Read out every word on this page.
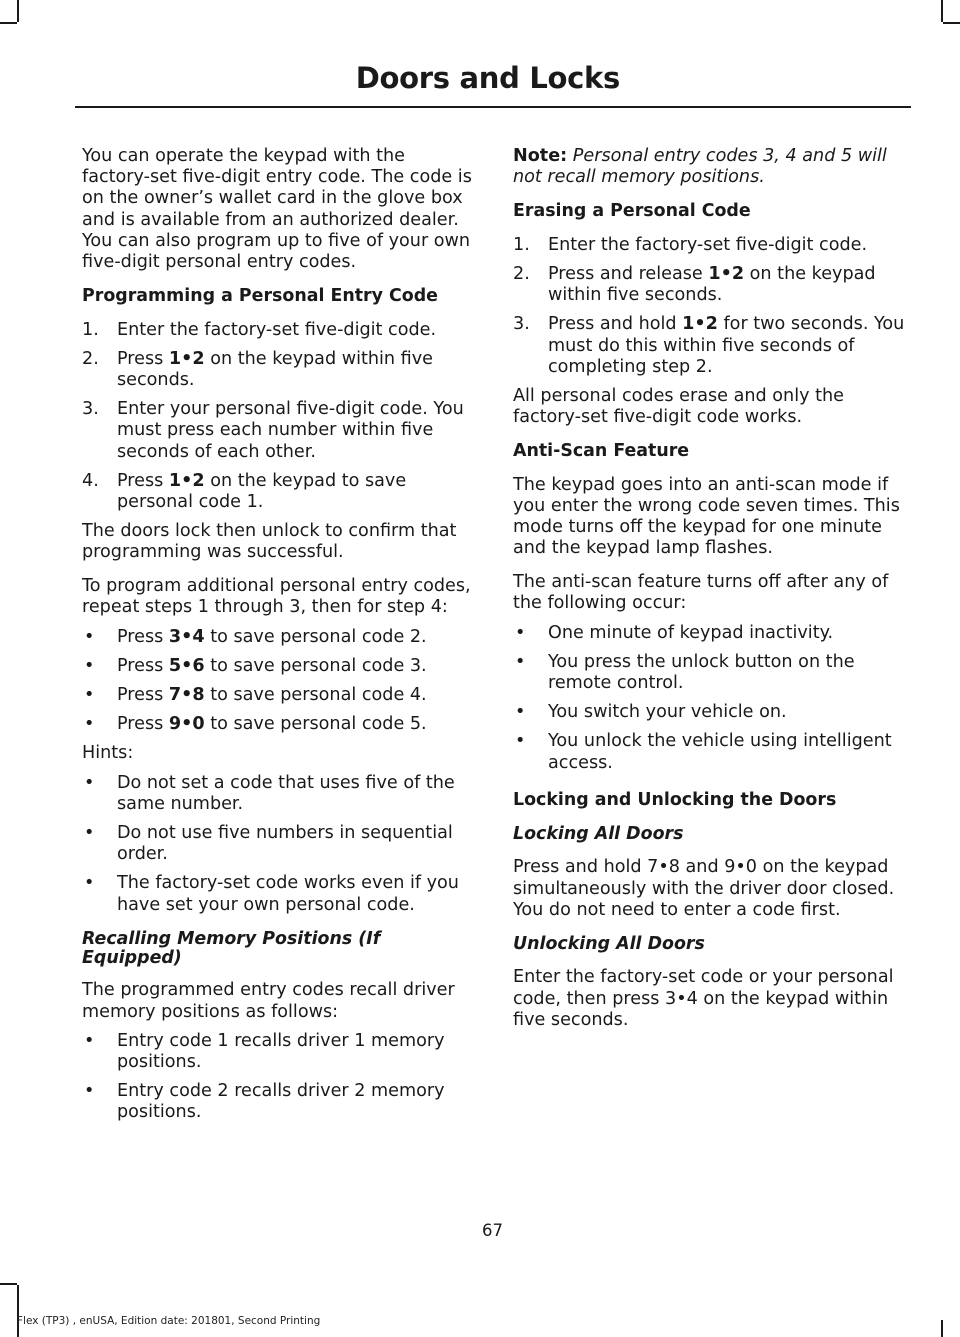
Doors and Locks

You can operate the keypad with the factory-set five-digit entry code. The code is on the owner’s wallet card in the glove box and is available from an authorized dealer. You can also program up to five of your own five-digit personal entry codes.

Programming a Personal Entry Code
1. Enter the factory-set five-digit code.
2. Press 1•2 on the keypad within five seconds.
3. Enter your personal five-digit code. You must press each number within five seconds of each other.
4. Press 1•2 on the keypad to save personal code 1.

The doors lock then unlock to confirm that programming was successful.

To program additional personal entry codes, repeat steps 1 through 3, then for step 4:

• Press 3•4 to save personal code 2.
• Press 5•6 to save personal code 3.
• Press 7•8 to save personal code 4.
• Press 9•0 to save personal code 5.

Hints:

• Do not set a code that uses five of the same number.
• Do not use five numbers in sequential order.
• The factory-set code works even if you have set your own personal code.
Recalling Memory Positions (If Equipped)

The programmed entry codes recall driver memory positions as follows:

• Entry code 1 recalls driver 1 memory positions.
• Entry code 2 recalls driver 2 memory positions.

Note: Personal entry codes 3, 4 and 5 will not recall memory positions.

Erasing a Personal Code
1. Enter the factory-set five-digit code.
2. Press and release 1•2 on the keypad within five seconds.
3. Press and hold 1•2 for two seconds. You must do this within five seconds of completing step 2.

All personal codes erase and only the factory-set five-digit code works.

Anti-Scan Feature

The keypad goes into an anti-scan mode if you enter the wrong code seven times. This mode turns off the keypad for one minute and the keypad lamp flashes.

The anti-scan feature turns off after any of the following occur:

• One minute of keypad inactivity.
• You press the unlock button on the remote control.
• You switch your vehicle on.
• You unlock the vehicle using intelligent access.
Locking and Unlocking the Doors
Locking All Doors

Press and hold 7•8 and 9•0 on the keypad simultaneously with the driver door closed. You do not need to enter a code first.

Unlocking All Doors

Enter the factory-set code or your personal code, then press 3•4 on the keypad within five seconds.

67
Flex (TP3) , enUSA, Edition date: 201801, Second Printing
